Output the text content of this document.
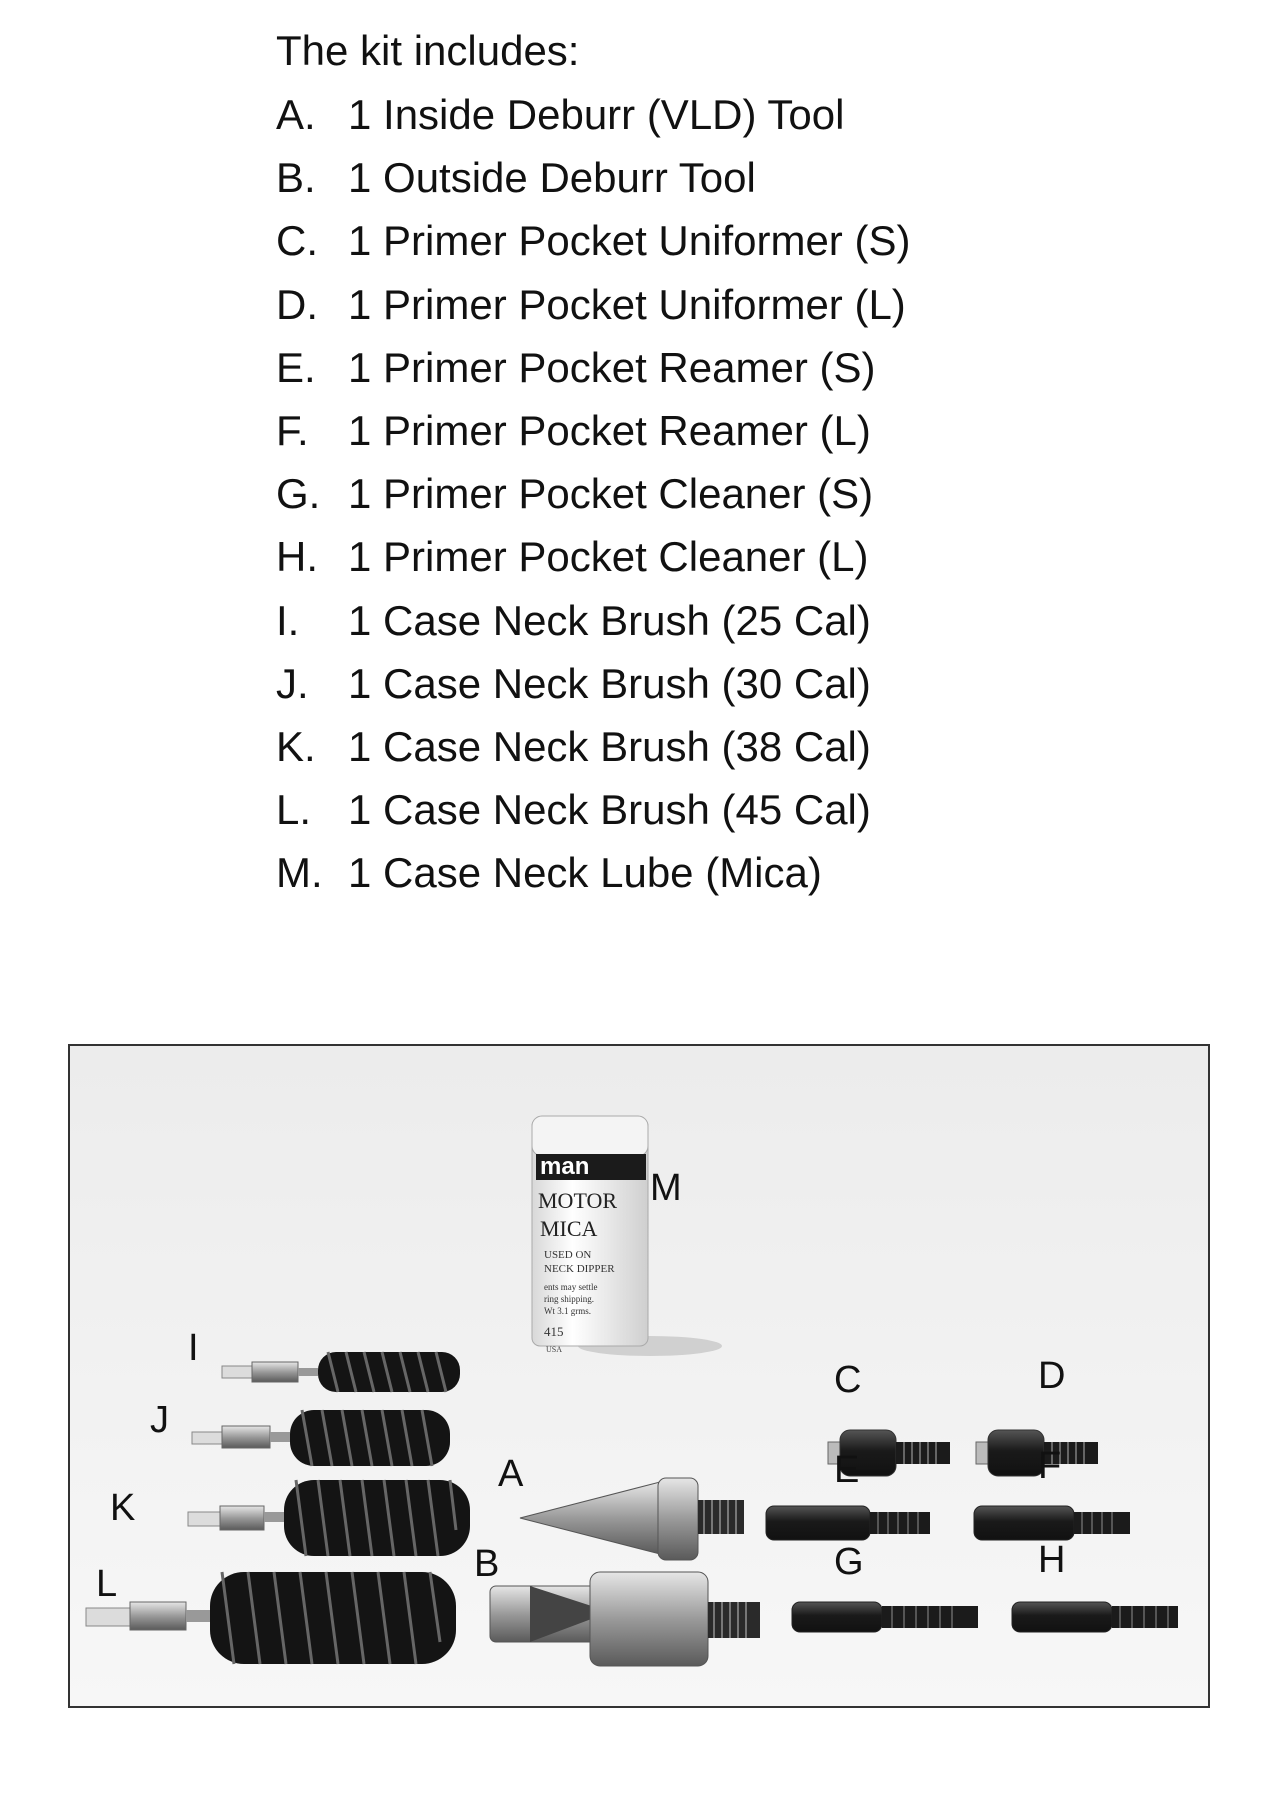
The kit includes:
A. 1 Inside Deburr (VLD) Tool
B. 1 Outside Deburr Tool
C. 1 Primer Pocket Uniformer (S)
D. 1 Primer Pocket Uniformer (L)
E. 1 Primer Pocket Reamer (S)
F. 1 Primer Pocket Reamer (L)
G. 1 Primer Pocket Cleaner (S)
H. 1 Primer Pocket Cleaner (L)
I.	1 Case Neck Brush (25 Cal)
J. 1 Case Neck Brush (30 Cal)
K. 1 Case Neck Brush (38 Cal)
L. 1 Case Neck Brush (45 Cal)
M. 1 Case Neck Lube (Mica)
man
MOTOR
MICA
USED ON
NECK DIPPER
ents may settle
ring shipping.
Wt 3.1 grms.
415
USA
M
I
J
K
L
A
B
C	D
E	F
G	H
